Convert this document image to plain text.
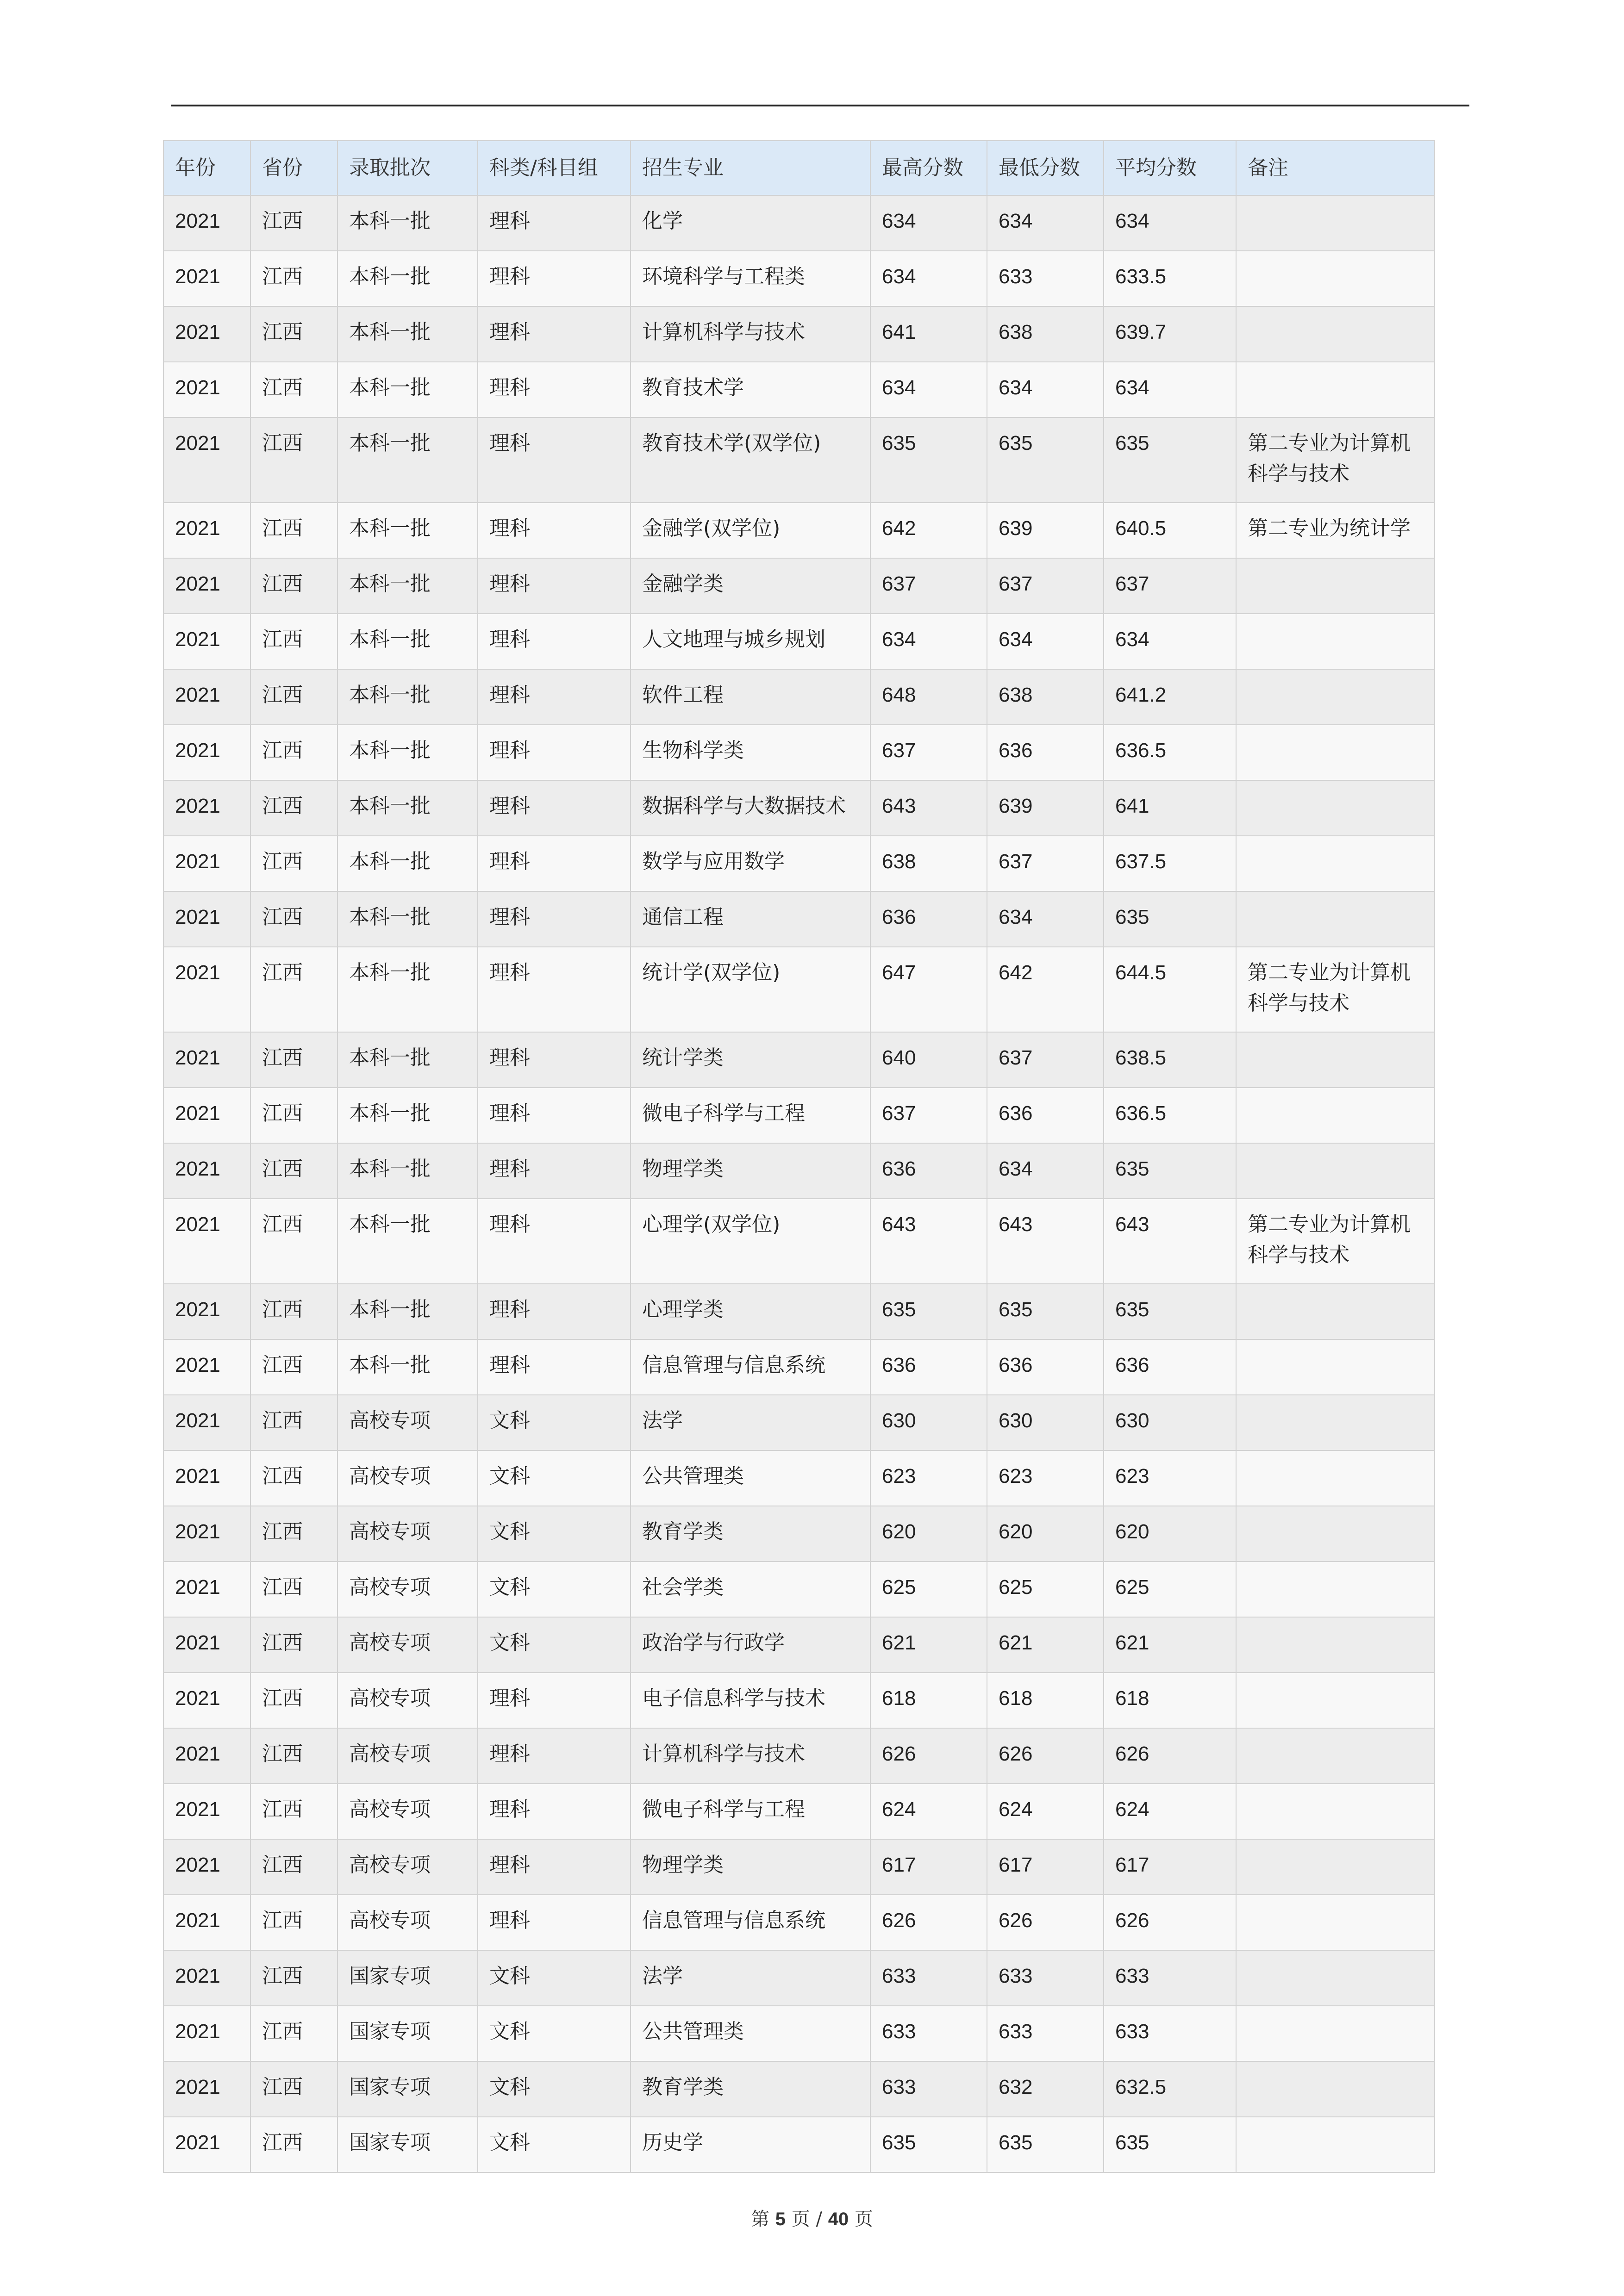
年份	省份	录取批次	科类/科目组	招生专业	最高分数	最低分数	平均分数	备注
2021	江西	本科一批	理科	化学	634	634	634	
2021	江西	本科一批	理科	环境科学与工程类	634	633	633.5	
2021	江西	本科一批	理科	计算机科学与技术	641	638	639.7	
2021	江西	本科一批	理科	教育技术学	634	634	634	
2021	江西	本科一批	理科	教育技术学(双学位)	635	635	635	第二专业为计算机科学与技术
2021	江西	本科一批	理科	金融学(双学位)	642	639	640.5	第二专业为统计学
2021	江西	本科一批	理科	金融学类	637	637	637	
2021	江西	本科一批	理科	人文地理与城乡规划	634	634	634	
2021	江西	本科一批	理科	软件工程	648	638	641.2	
2021	江西	本科一批	理科	生物科学类	637	636	636.5	
2021	江西	本科一批	理科	数据科学与大数据技术	643	639	641	
2021	江西	本科一批	理科	数学与应用数学	638	637	637.5	
2021	江西	本科一批	理科	通信工程	636	634	635	
2021	江西	本科一批	理科	统计学(双学位)	647	642	644.5	第二专业为计算机科学与技术
2021	江西	本科一批	理科	统计学类	640	637	638.5	
2021	江西	本科一批	理科	微电子科学与工程	637	636	636.5	
2021	江西	本科一批	理科	物理学类	636	634	635	
2021	江西	本科一批	理科	心理学(双学位)	643	643	643	第二专业为计算机科学与技术
2021	江西	本科一批	理科	心理学类	635	635	635	
2021	江西	本科一批	理科	信息管理与信息系统	636	636	636	
2021	江西	高校专项	文科	法学	630	630	630	
2021	江西	高校专项	文科	公共管理类	623	623	623	
2021	江西	高校专项	文科	教育学类	620	620	620	
2021	江西	高校专项	文科	社会学类	625	625	625	
2021	江西	高校专项	文科	政治学与行政学	621	621	621	
2021	江西	高校专项	理科	电子信息科学与技术	618	618	618	
2021	江西	高校专项	理科	计算机科学与技术	626	626	626	
2021	江西	高校专项	理科	微电子科学与工程	624	624	624	
2021	江西	高校专项	理科	物理学类	617	617	617	
2021	江西	高校专项	理科	信息管理与信息系统	626	626	626	
2021	江西	国家专项	文科	法学	633	633	633	
2021	江西	国家专项	文科	公共管理类	633	633	633	
2021	江西	国家专项	文科	教育学类	633	632	632.5	
2021	江西	国家专项	文科	历史学	635	635	635	
第 5 页 / 40 页
